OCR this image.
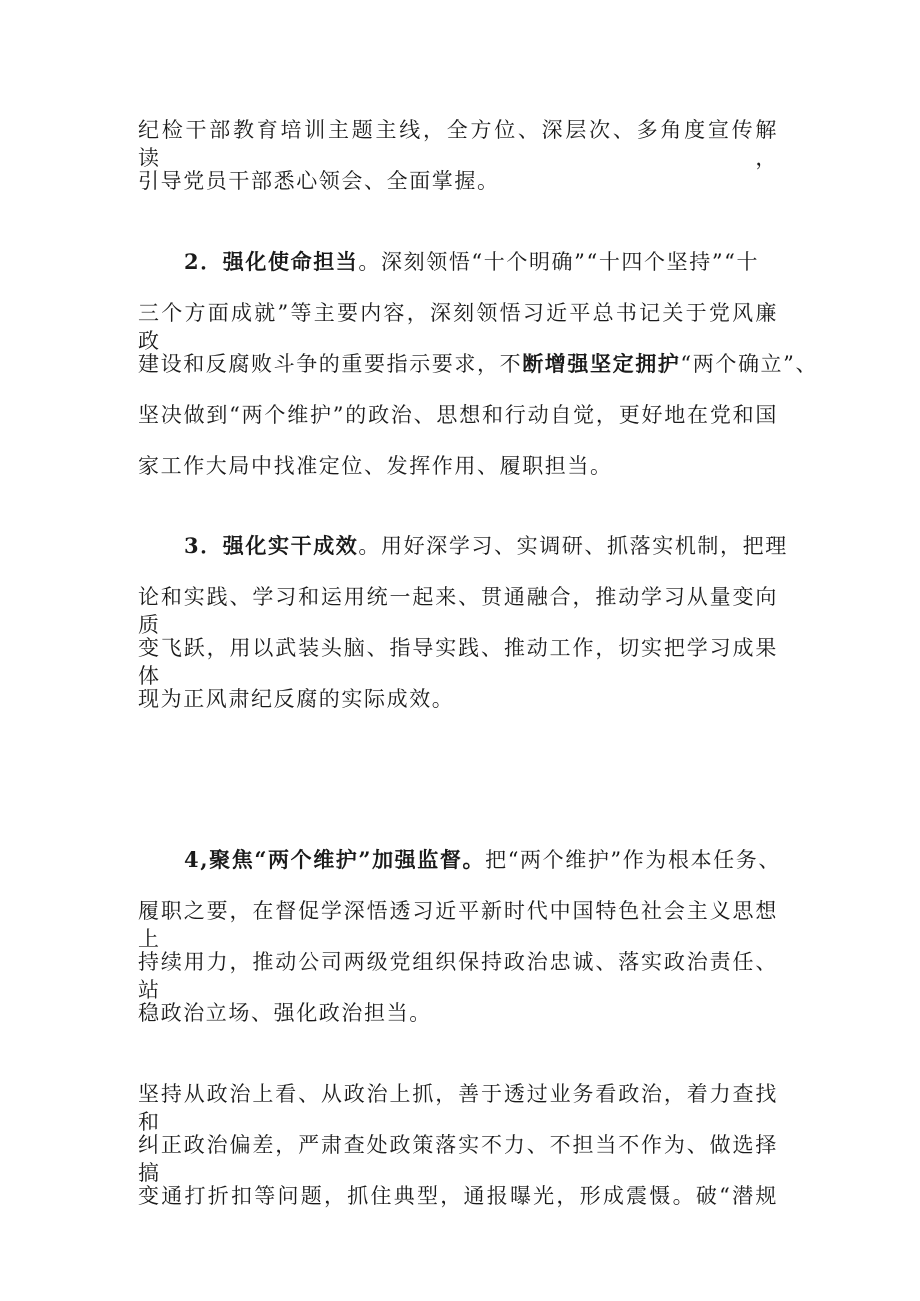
纪检干部教育培训主题主线，全方位、深层次、多角度宣传解读，
引导党员干部悉心领会、全面掌握。
2．强化使命担当。深刻领悟“十个明确”“十四个坚持”“十
三个方面成就”等主要内容，深刻领悟习近平总书记关于党风廉政
建设和反腐败斗争的重要指示要求，不断增强坚定拥护“两个确立”、
坚决做到“两个维护”的政治、思想和行动自觉，更好地在党和国
家工作大局中找准定位、发挥作用、履职担当。
3．强化实干成效。用好深学习、实调研、抓落实机制，把理
论和实践、学习和运用统一起来、贯通融合，推动学习从量变向质
变飞跃，用以武装头脑、指导实践、推动工作，切实把学习成果体
现为正风肃纪反腐的实际成效。
4,聚焦“两个维护”加强监督。把“两个维护”作为根本任务、
履职之要，在督促学深悟透习近平新时代中国特色社会主义思想上
持续用力，推动公司两级党组织保持政治忠诚、落实政治责任、站
稳政治立场、强化政治担当。
坚持从政治上看、从政治上抓，善于透过业务看政治，着力查找和
纠正政治偏差，严肃查处政策落实不力、不担当不作为、做选择搞
变通打折扣等问题，抓住典型，通报曝光，形成震慑。破“潜规
